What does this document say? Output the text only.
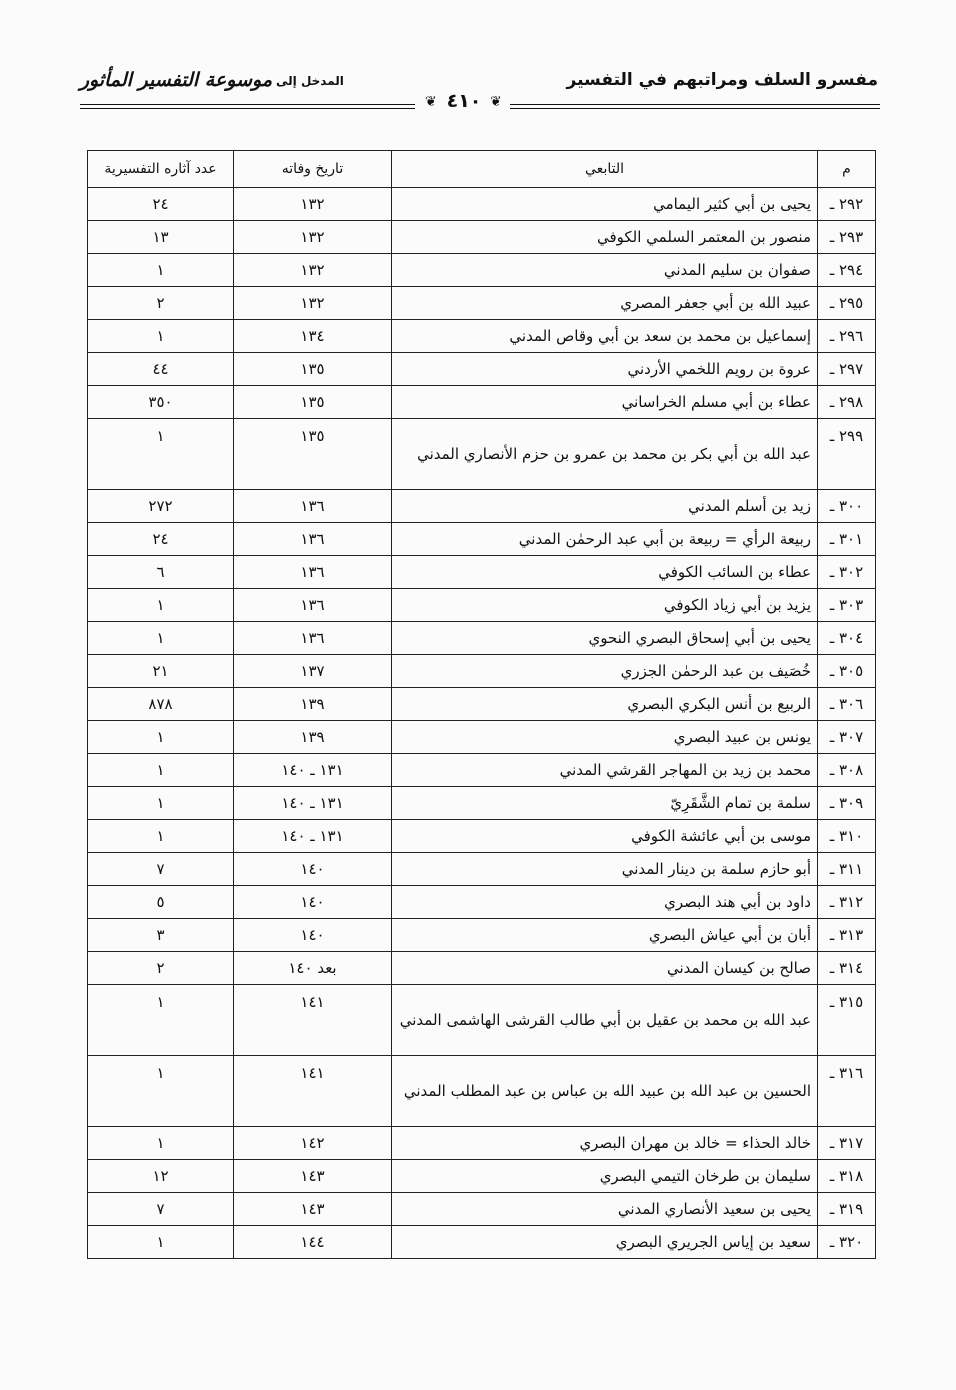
مفسرو السلف ومراتبهم في التفسير
المدخل إلى
موسوعة التفسير المأثور
❦ ٤١٠ ❦
م	التابعي	تاريخ وفاته	عدد آثاره التفسيرية
٢٩٢ ـ	يحيى بن أبي كثير اليمامي	١٣٢	٢٤
٢٩٣ ـ	منصور بن المعتمر السلمي الكوفي	١٣٢	١٣
٢٩٤ ـ	صفوان بن سليم المدني	١٣٢	١
٢٩٥ ـ	عبيد الله بن أبي جعفر المصري	١٣٢	٢
٢٩٦ ـ	إسماعيل بن محمد بن سعد بن أبي وقاص المدني	١٣٤	١
٢٩٧ ـ	عروة بن رويم اللخمي الأردني	١٣٥	٤٤
٢٩٨ ـ	عطاء بن أبي مسلم الخراساني	١٣٥	٣٥٠
٢٩٩ ـ	عبد الله بن أبي بكر بن محمد بن عمرو بن حزم الأنصاري المدني	١٣٥	١
٣٠٠ ـ	زيد بن أسلم المدني	١٣٦	٢٧٢
٣٠١ ـ	ربيعة الرأي = ربيعة بن أبي عبد الرحمٰن المدني	١٣٦	٢٤
٣٠٢ ـ	عطاء بن السائب الكوفي	١٣٦	٦
٣٠٣ ـ	يزيد بن أبي زياد الكوفي	١٣٦	١
٣٠٤ ـ	يحيى بن أبي إسحاق البصري النحوي	١٣٦	١
٣٠٥ ـ	خُصَيف بن عبد الرحمٰن الجزري	١٣٧	٢١
٣٠٦ ـ	الربيع بن أنس البكري البصري	١٣٩	٨٧٨
٣٠٧ ـ	يونس بن عبيد البصري	١٣٩	١
٣٠٨ ـ	محمد بن زيد بن المهاجر القرشي المدني	١٣١ ـ ١٤٠	١
٣٠٩ ـ	سلمة بن تمام الشَّقَرِيّ	١٣١ ـ ١٤٠	١
٣١٠ ـ	موسى بن أبي عائشة الكوفي	١٣١ ـ ١٤٠	١
٣١١ ـ	أبو حازم سلمة بن دينار المدني	١٤٠	٧
٣١٢ ـ	داود بن أبي هند البصري	١٤٠	٥
٣١٣ ـ	أبان بن أبي عياش البصري	١٤٠	٣
٣١٤ ـ	صالح بن كيسان المدني	بعد ١٤٠	٢
٣١٥ ـ	عبد الله بن محمد بن عقيل بن أبي طالب القرشى الهاشمى المدني	١٤١	١
٣١٦ ـ	الحسين بن عبد الله بن عبيد الله بن عباس بن عبد المطلب المدني	١٤١	١
٣١٧ ـ	خالد الحذاء = خالد بن مهران البصري	١٤٢	١
٣١٨ ـ	سليمان بن طرخان التيمي البصري	١٤٣	١٢
٣١٩ ـ	يحيى بن سعيد الأنصاري المدني	١٤٣	٧
٣٢٠ ـ	سعيد بن إياس الجريري البصري	١٤٤	١
